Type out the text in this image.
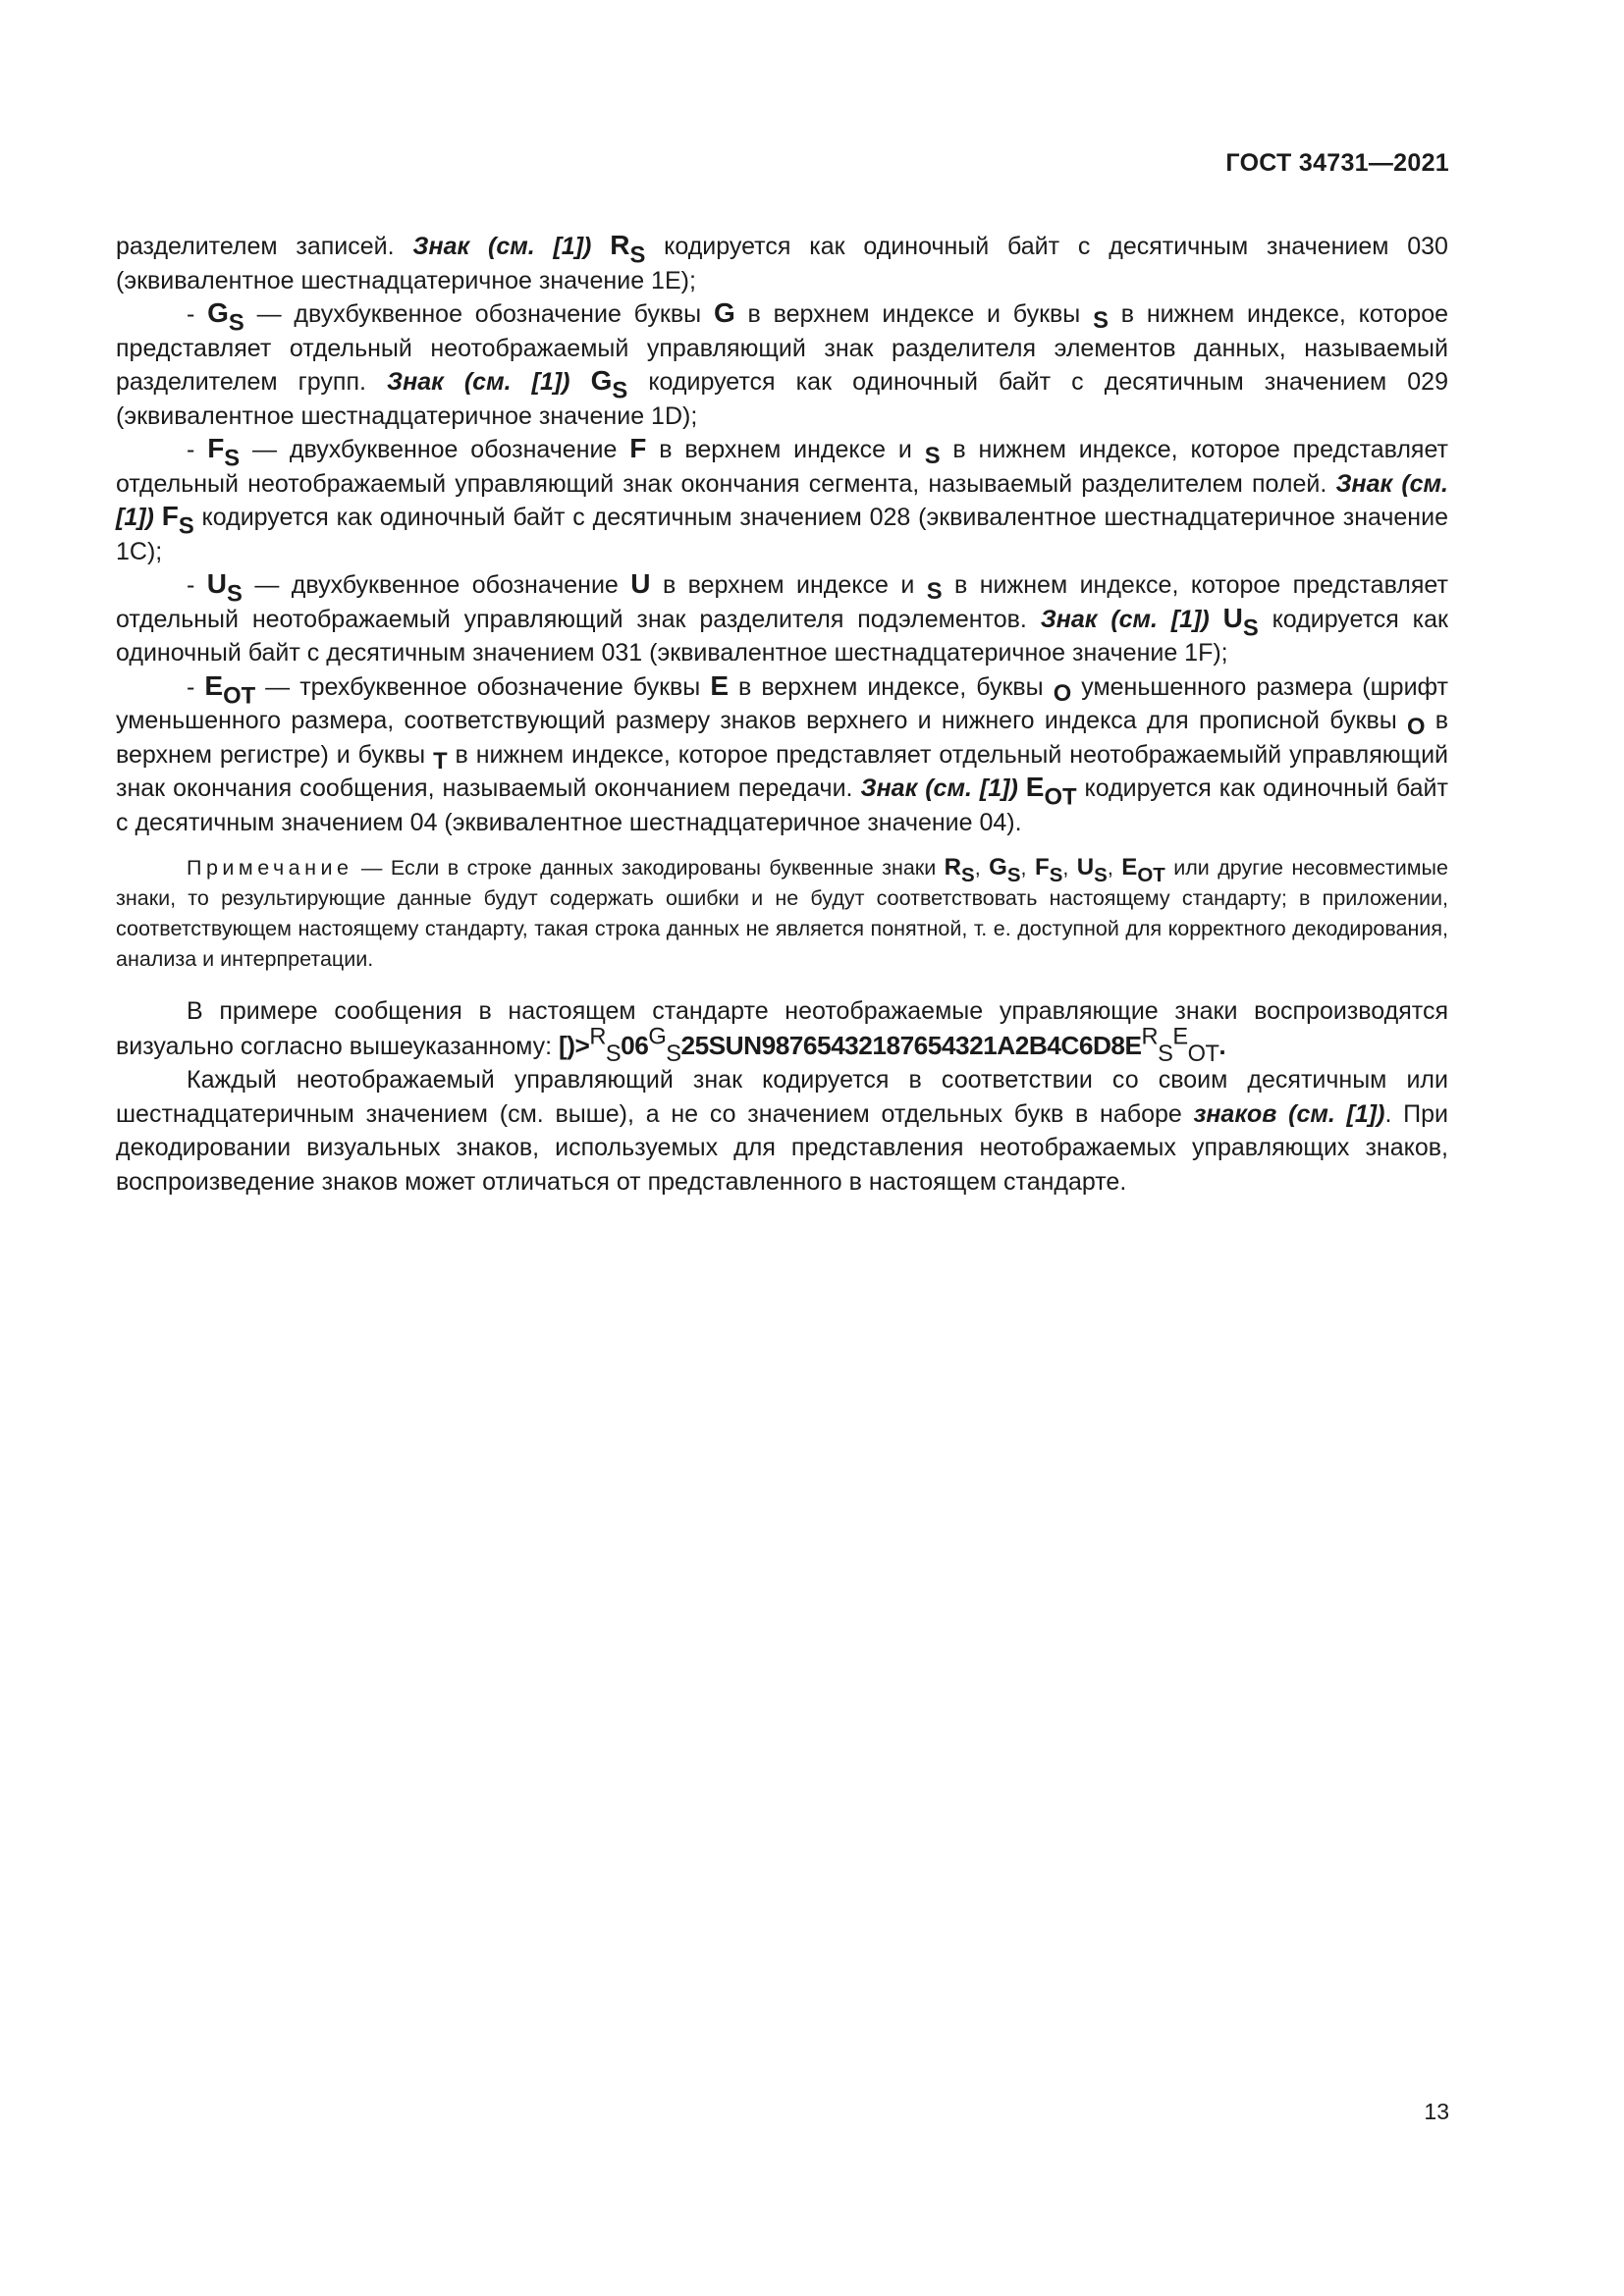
ГОСТ 34731—2021

разделителем записей. Знак (см. [1]) $R_S$ кодируется как одиночный байт с десятичным значением 030 (эквивалентное шестнадцатеричное значение 1E);

- $G_S$ — двухбуквенное обозначение буквы G в верхнем индексе и буквы S в нижнем индексе, которое представляет отдельный неотображаемый управляющий знак разделителя элементов данных, называемый разделителем групп. Знак (см. [1]) $G_S$ кодируется как одиночный байт с десятичным значением 029 (эквивалентное шестнадцатеричное значение 1D);

- $F_S$ — двухбуквенное обозначение F в верхнем индексе и S в нижнем индексе, которое представляет отдельный неотображаемый управляющий знак окончания сегмента, называемый разделителем полей. Знак (см. [1]) $F_S$ кодируется как одиночный байт с десятичным значением 028 (эквивалентное шестнадцатеричное значение 1C);

- $U_S$ — двухбуквенное обозначение U в верхнем индексе и S в нижнем индексе, которое представляет отдельный неотображаемый управляющий знак разделителя подэлементов. Знак (см. [1]) $U_S$ кодируется как одиночный байт с десятичным значением 031 (эквивалентное шестнадцатеричное значение 1F);

- $E_{OT}$ — трехбуквенное обозначение буквы E в верхнем индексе, буквы O уменьшенного размера (шрифт уменьшенного размера, соответствующий размеру знаков верхнего и нижнего индекса для прописной буквы O в верхнем регистре) и буквы T в нижнем индексе, которое представляет отдельный неотображаемыйй управляющий знак окончания сообщения, называемый окончанием передачи. Знак (см. [1]) $E_{OT}$ кодируется как одиночный байт с десятичным значением 04 (эквивалентное шестнадцатеричное значение 04).

Примечание — Если в строке данных закодированы буквенные знаки $R_S$, $G_S$, $F_S$, $U_S$, $E_{OT}$ или другие несовместимые знаки, то результирующие данные будут содержать ошибки и не будут соответствовать настоящему стандарту; в приложении, соответствующем настоящему стандарту, такая строка данных не является понятной, т. е. доступной для корректного декодирования, анализа и интерпретации.

В примере сообщения в настоящем стандарте неотображаемые управляющие знаки воспроизводятся визуально согласно вышеуказанному: $[)>^R_S06^G_S25SUN98765432187654321A2B4C6D8E^R_S^E_{OT}$.

Каждый неотображаемый управляющий знак кодируется в соответствии со своим десятичным или шестнадцатеричным значением (см. выше), а не со значением отдельных букв в наборе знаков (см. [1]). При декодировании визуальных знаков, используемых для представления неотображаемых управляющих знаков, воспроизведение знаков может отличаться от представленного в настоящем стандарте.

13
